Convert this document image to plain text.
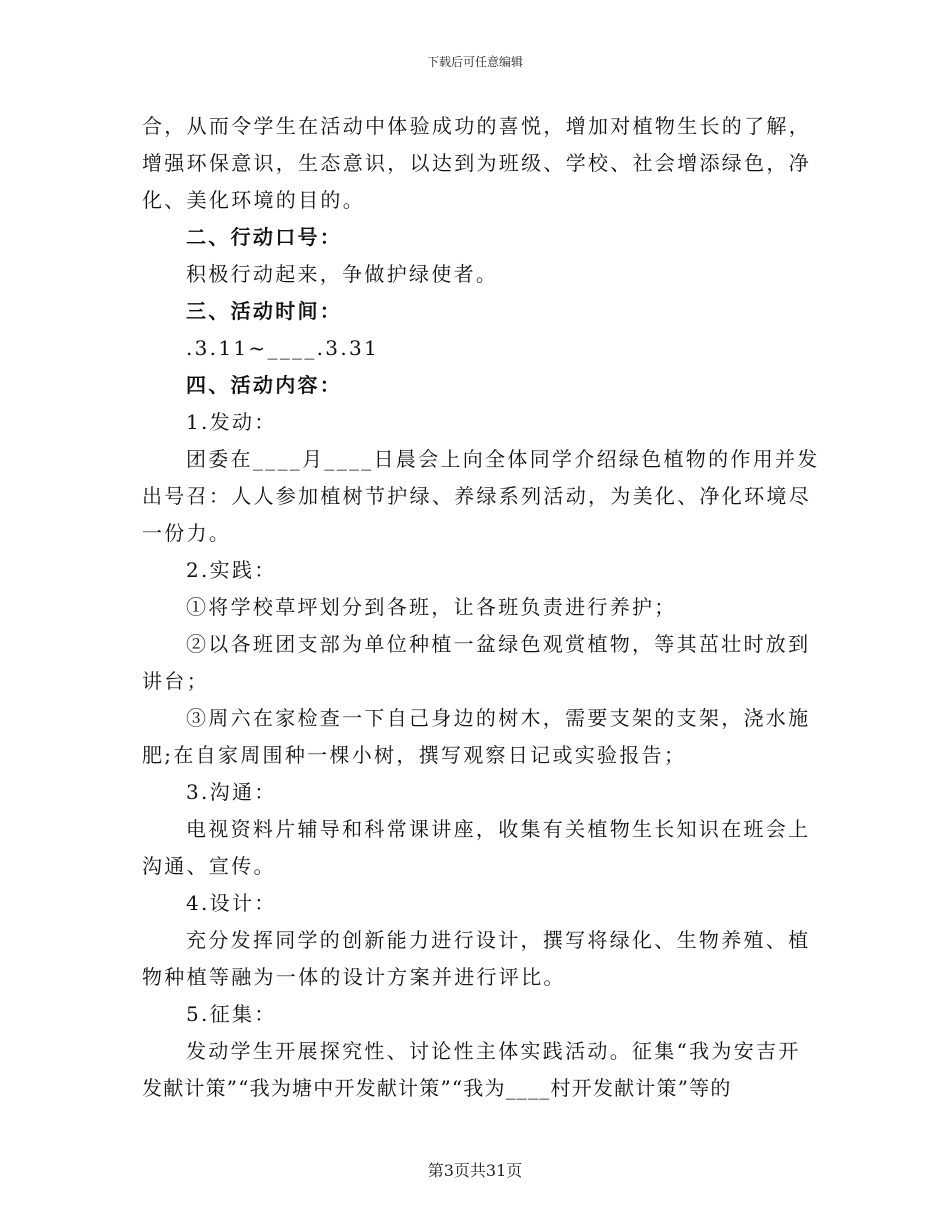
下载后可任意编辑

合，从而令学生在活动中体验成功的喜悦，增加对植物生长的了解，

增强环保意识，生态意识，以达到为班级、学校、社会增添绿色，净

化、美化环境的目的。

二、行动口号：

积极行动起来，争做护绿使者。

三、活动时间：

.3.11~____.3.31

四、活动内容：

1.发动：

团委在____月____日晨会上向全体同学介绍绿色植物的作用并发

出号召：人人参加植树节护绿、养绿系列活动，为美化、净化环境尽

一份力。

2.实践：

①将学校草坪划分到各班，让各班负责进行养护；

②以各班团支部为单位种植一盆绿色观赏植物，等其茁壮时放到

讲台；

③周六在家检查一下自己身边的树木，需要支架的支架，浇水施

肥;在自家周围种一棵小树，撰写观察日记或实验报告；

3.沟通：

电视资料片辅导和科常课讲座，收集有关植物生长知识在班会上

沟通、宣传。

4.设计：

充分发挥同学的创新能力进行设计，撰写将绿化、生物养殖、植

物种植等融为一体的设计方案并进行评比。

5.征集：

发动学生开展探究性、讨论性主体实践活动。征集“我为安吉开

发献计策”“我为塘中开发献计策”“我为____村开发献计策”等的

第3页共31页
